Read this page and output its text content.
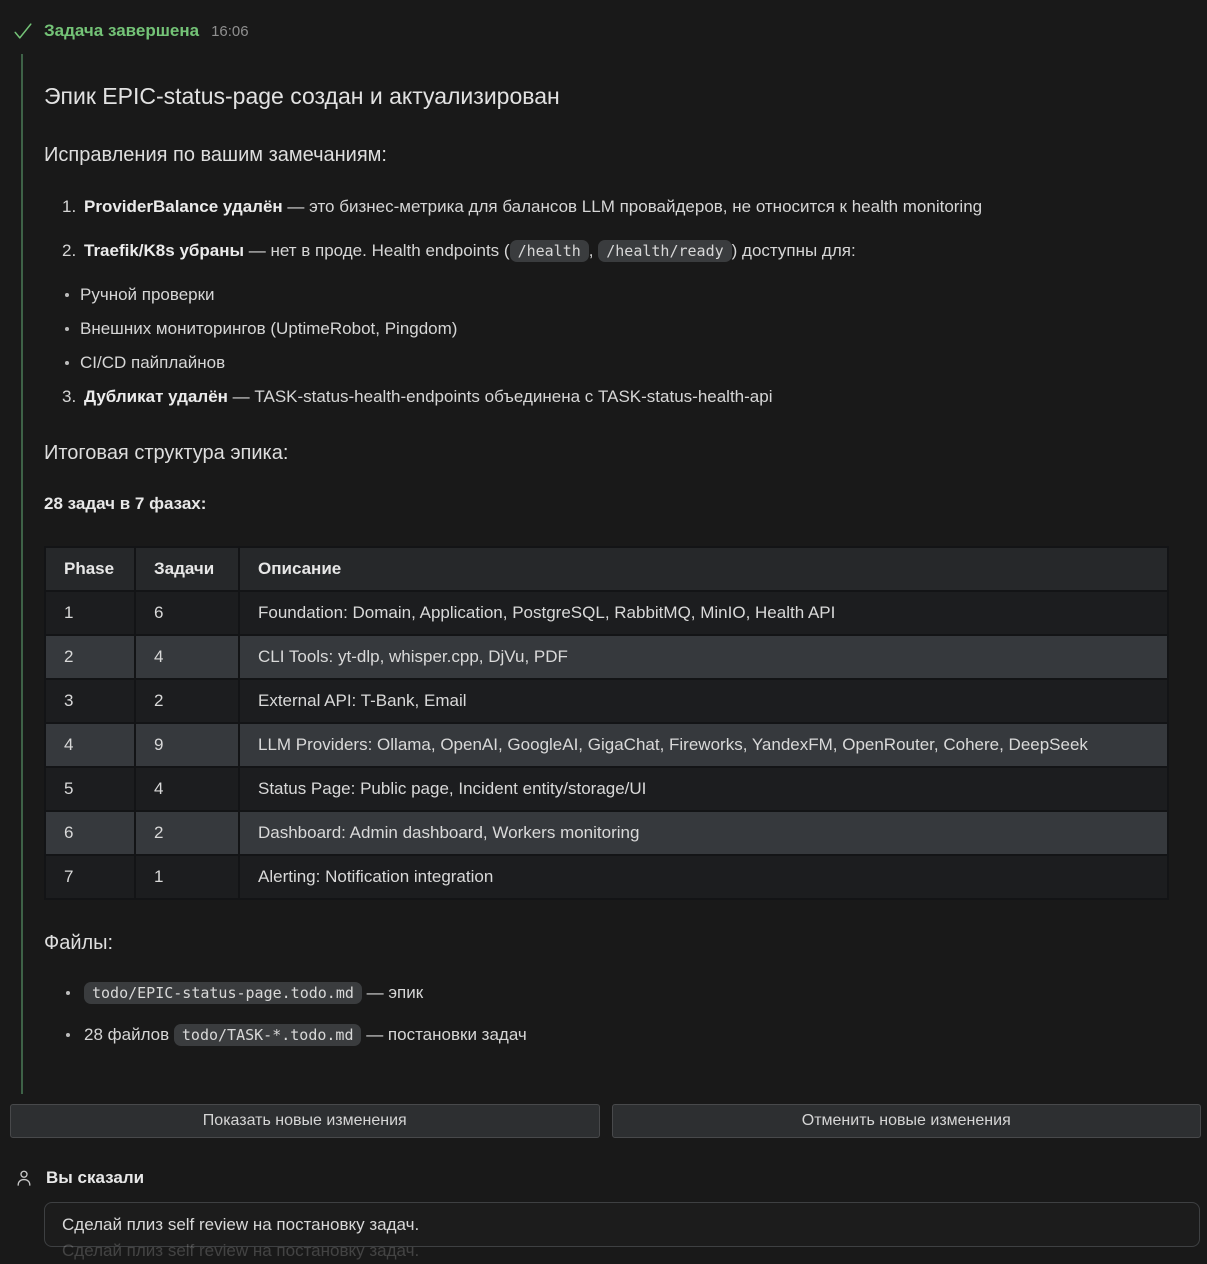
Задача завершена 16:06
Эпик EPIC-status-page создан и актуализирован
Исправления по вашим замечаниям:
1. ProviderBalance удалён — это бизнес-метрика для балансов LLM провайдеров, не относится к health monitoring
2. Traefik/K8s убраны — нет в проде. Health endpoints ( /health , /health/ready ) доступны для:
Ручной проверки
Внешних мониторингов (UptimeRobot, Pingdom)
CI/CD пайплайнов
3. Дубликат удалён — TASK-status-health-endpoints объединена с TASK-status-health-api
Итоговая структура эпика:
28 задач в 7 фазах:
Phase	Задачи	Описание
1	6	Foundation: Domain, Application, PostgreSQL, RabbitMQ, MinIO, Health API
2	4	CLI Tools: yt-dlp, whisper.cpp, DjVu, PDF
3	2	External API: T-Bank, Email
4	9	LLM Providers: Ollama, OpenAI, GoogleAI, GigaChat, Fireworks, YandexFM, OpenRouter, Cohere, DeepSeek
5	4	Status Page: Public page, Incident entity/storage/UI
6	2	Dashboard: Admin dashboard, Workers monitoring
7	1	Alerting: Notification integration
Файлы:
todo/EPIC-status-page.todo.md — эпик
28 файлов todo/TASK-*.todo.md — постановки задач
Показать новые изменения	Отменить новые изменения
Вы сказали
Сделай плиз self review на постановку задач.
Сделай плиз self review на постановку задач.
